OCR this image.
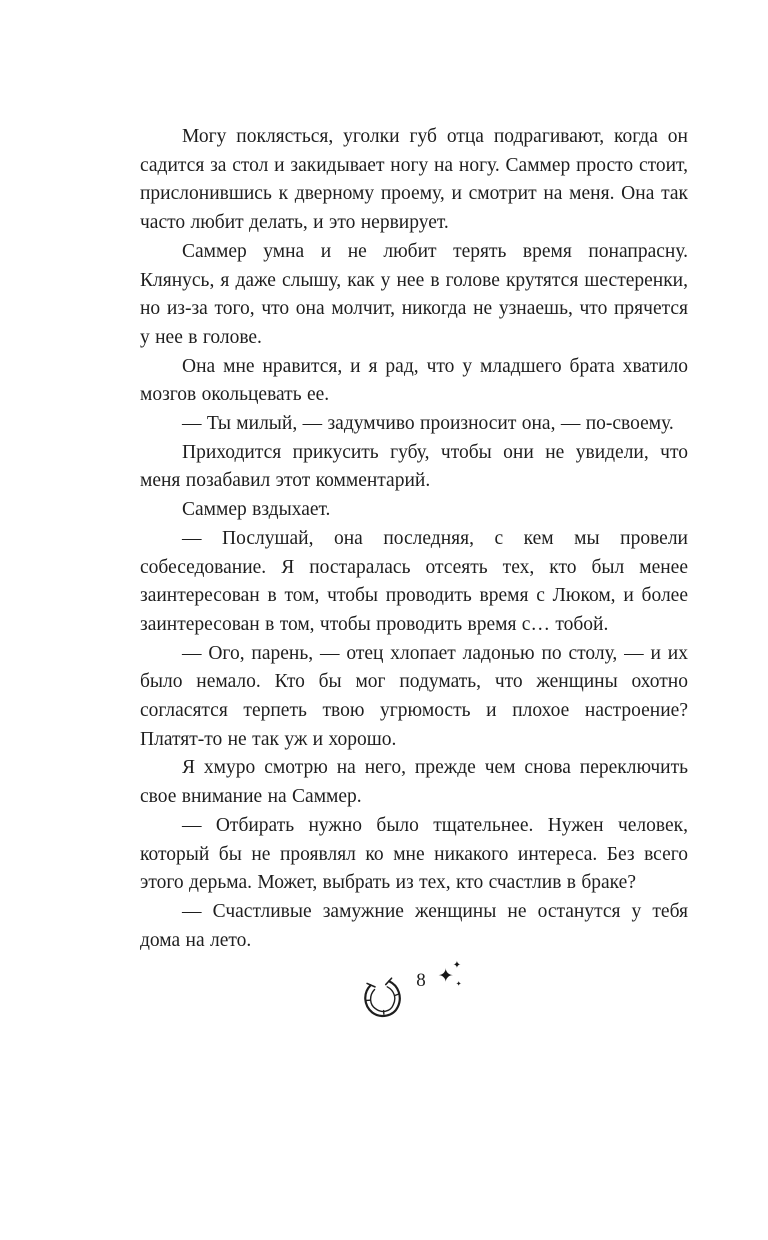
Могу поклясться, уголки губ отца подрагивают, когда он садится за стол и закидывает ногу на ногу. Саммер просто стоит, прислонившись к дверному проему, и смотрит на меня. Она так часто любит делать, и это нервирует.

Саммер умна и не любит терять время понапрасну. Клянусь, я даже слышу, как у нее в голове крутятся шестеренки, но из-за того, что она молчит, никогда не узнаешь, что прячется у нее в голове.

Она мне нравится, и я рад, что у младшего брата хватило мозгов окольцевать ее.

— Ты милый, — задумчиво произносит она, — по-своему.

Приходится прикусить губу, чтобы они не увидели, что меня позабавил этот комментарий.

Саммер вздыхает.

— Послушай, она последняя, с кем мы провели собеседование. Я постаралась отсеять тех, кто был менее заинтересован в том, чтобы проводить время с Люком, и более заинтересован в том, чтобы проводить время с… тобой.

— Ого, парень, — отец хлопает ладонью по столу, — и их было немало. Кто бы мог подумать, что женщины охотно согласятся терпеть твою угрюмость и плохое настроение? Платят-то не так уж и хорошо.

Я хмуро смотрю на него, прежде чем снова переключить свое внимание на Саммер.

— Отбирать нужно было тщательнее. Нужен человек, который бы не проявлял ко мне никакого интереса. Без всего этого дерьма. Может, выбрать из тех, кто счастлив в браке?

— Счастливые замужние женщины не останутся у тебя дома на лето.

8 ✦
✦
✦
